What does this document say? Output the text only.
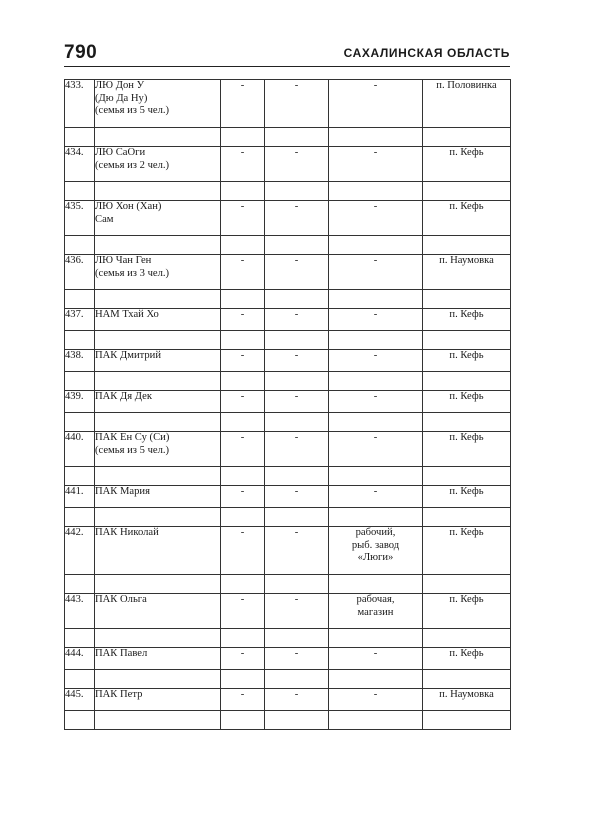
790	САХАЛИНСКАЯ ОБЛАСТЬ
433.	ЛЮ Дон У
(Дю Да Ну)
(семья из 5 чел.)	-	-	-	п. Половинка

434.	ЛЮ СаОги
(семья из 2 чел.)	-	-	-	п. Кефь

435.	ЛЮ Хон (Хан)
Сам	-	-	-	п. Кефь

436.	ЛЮ Чан Ген
(семья из 3 чел.)	-	-	-	п. Наумовка

437.	НАМ Тхай Хо	-	-	-	п. Кефь

438.	ПАК Дмитрий	-	-	-	п. Кефь

439.	ПАК Дя Дек	-	-	-	п. Кефь

440.	ПАК Ен Су (Си)
(семья из 5 чел.)	-	-	-	п. Кефь

441.	ПАК Мария	-	-	-	п. Кефь

442.	ПАК Николай	-	-	рабочий,
рыб. завод
«Люги»	п. Кефь

443.	ПАК Ольга	-	-	рабочая,
магазин	п. Кефь

444.	ПАК Павел	-	-	-	п. Кефь

445.	ПАК Петр	-	-	-	п. Наумовка
